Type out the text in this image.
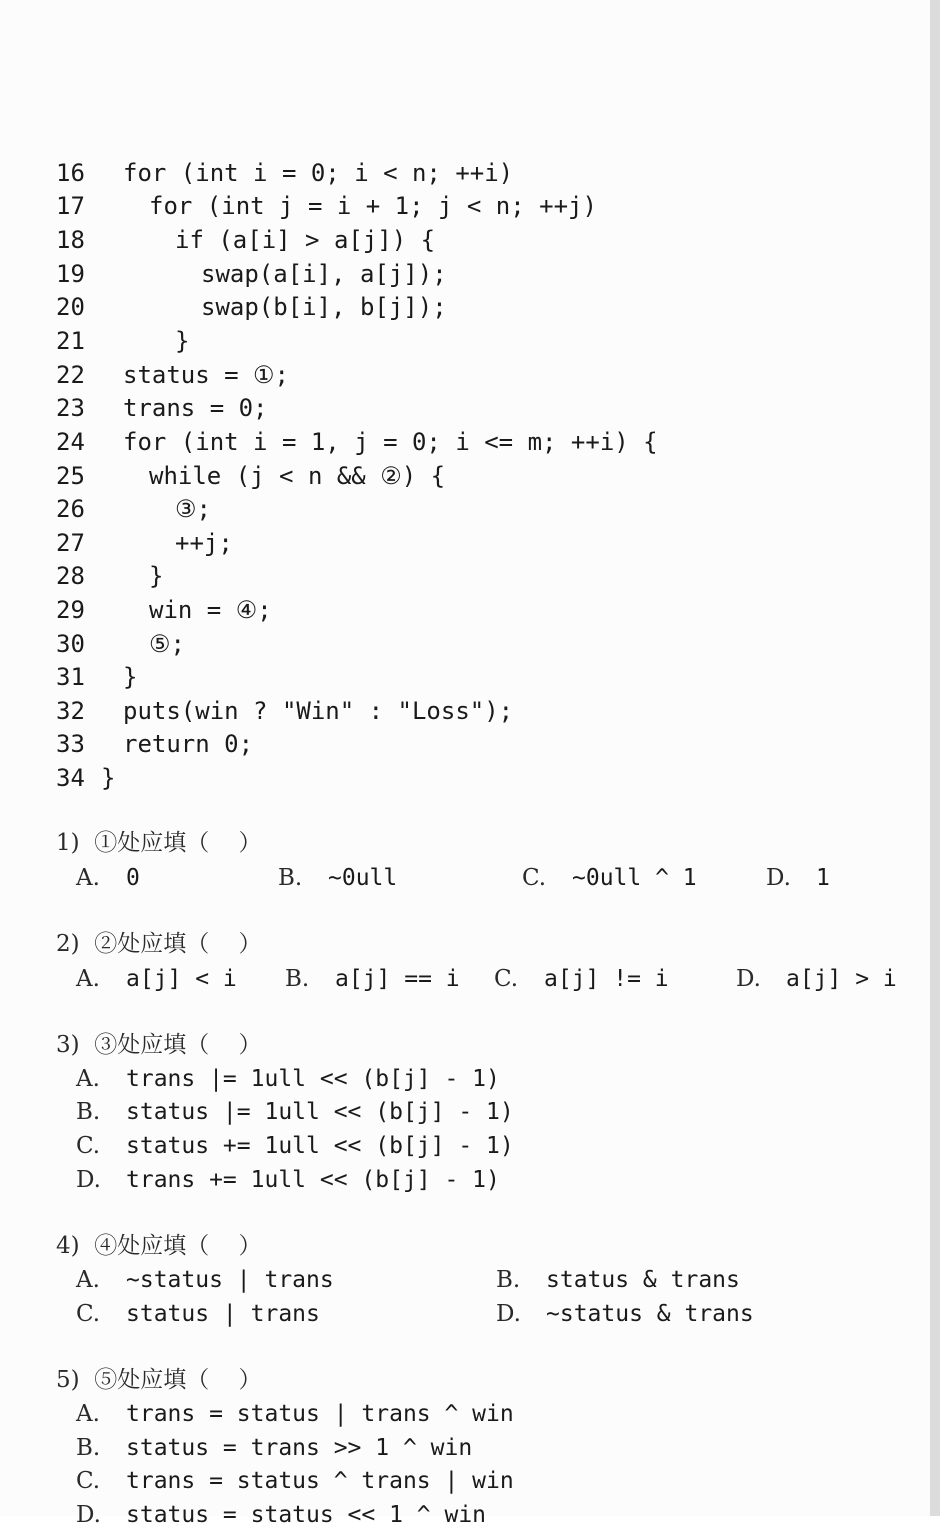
16 for (int i = 0; i < n; ++i)
17	for (int j = i + 1; j < n; ++j)
18	if (a[i] > a[j]) {
19	swap(a[i], a[j]);
20	swap(b[i], b[j]);
21	}
22 status = ①;
23 trans = 0;
24 for (int i = 1, j = 0; i <= m; ++i) {
25	while (j < n && ②) {
26	③;
27	++j;
28	}
29	win = ④;
30	⑤;
31 }
32 puts(win ? "Win" : "Loss");
33 return 0;
34 }
1)  ①处应填（    ）
A. 0	B. ~0ull	C. ~0ull ^ 1	D. 1
2)  ②处应填（    ）
A. a[j] < i B. a[j] == i C. a[j] != i	D. a[j] > i
3)  ③处应填（    ）
A. trans |= 1ull << (b[j] - 1)
B. status |= 1ull << (b[j] - 1)
C. status += 1ull << (b[j] - 1)
D. trans += 1ull << (b[j] - 1)
4)  ④处应填（    ）
A. ~status | trans	B. status & trans
C. status | trans	D. ~status & trans
5)  ⑤处应填（    ）
A. trans = status | trans ^ win
B. status = trans >> 1 ^ win
C. trans = status ^ trans | win
D. status = status << 1 ^ win
